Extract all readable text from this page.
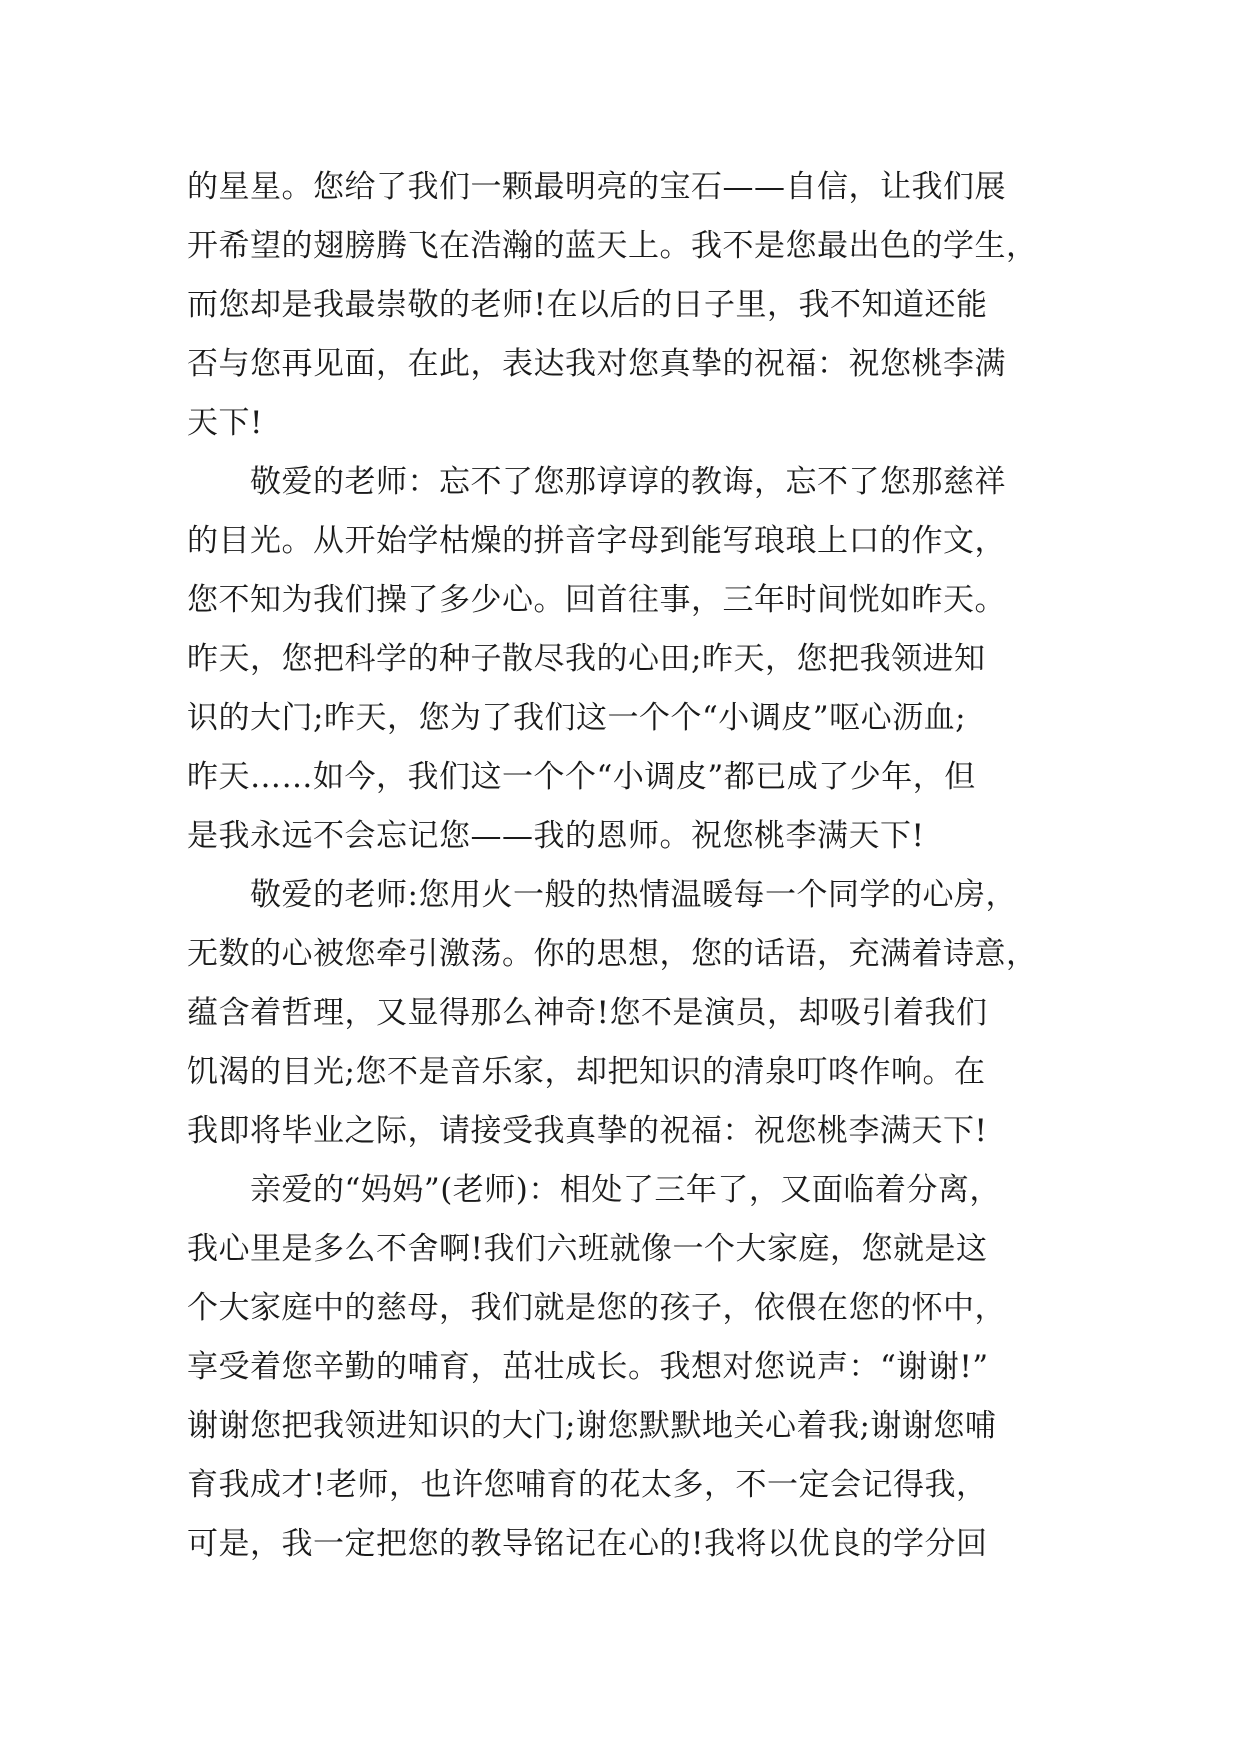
的星星。您给了我们一颗最明亮的宝石——自信，让我们展
开希望的翅膀腾飞在浩瀚的蓝天上。我不是您最出色的学生，
而您却是我最崇敬的老师!在以后的日子里，我不知道还能
否与您再见面，在此，表达我对您真挚的祝福：祝您桃李满
天下!
　　敬爱的老师：忘不了您那谆谆的教诲，忘不了您那慈祥
的目光。从开始学枯燥的拼音字母到能写琅琅上口的作文，
您不知为我们操了多少心。回首往事，三年时间恍如昨天。
昨天，您把科学的种子散尽我的心田;昨天，您把我领进知
识的大门;昨天，您为了我们这一个个“小调皮”呕心沥血;
昨天……如今，我们这一个个“小调皮”都已成了少年，但
是我永远不会忘记您——我的恩师。祝您桃李满天下!
　　敬爱的老师:您用火一般的热情温暖每一个同学的心房，
无数的心被您牵引激荡。你的思想，您的话语，充满着诗意，
蕴含着哲理，又显得那么神奇!您不是演员，却吸引着我们
饥渴的目光;您不是音乐家，却把知识的清泉叮咚作响。在
我即将毕业之际，请接受我真挚的祝福：祝您桃李满天下!
　　亲爱的“妈妈”(老师)：相处了三年了，又面临着分离，
我心里是多么不舍啊!我们六班就像一个大家庭，您就是这
个大家庭中的慈母，我们就是您的孩子，依偎在您的怀中，
享受着您辛勤的哺育，茁壮成长。我想对您说声：“谢谢!”
谢谢您把我领进知识的大门;谢您默默地关心着我;谢谢您哺
育我成才!老师，也许您哺育的花太多，不一定会记得我，
可是，我一定把您的教导铭记在心的!我将以优良的学分回
